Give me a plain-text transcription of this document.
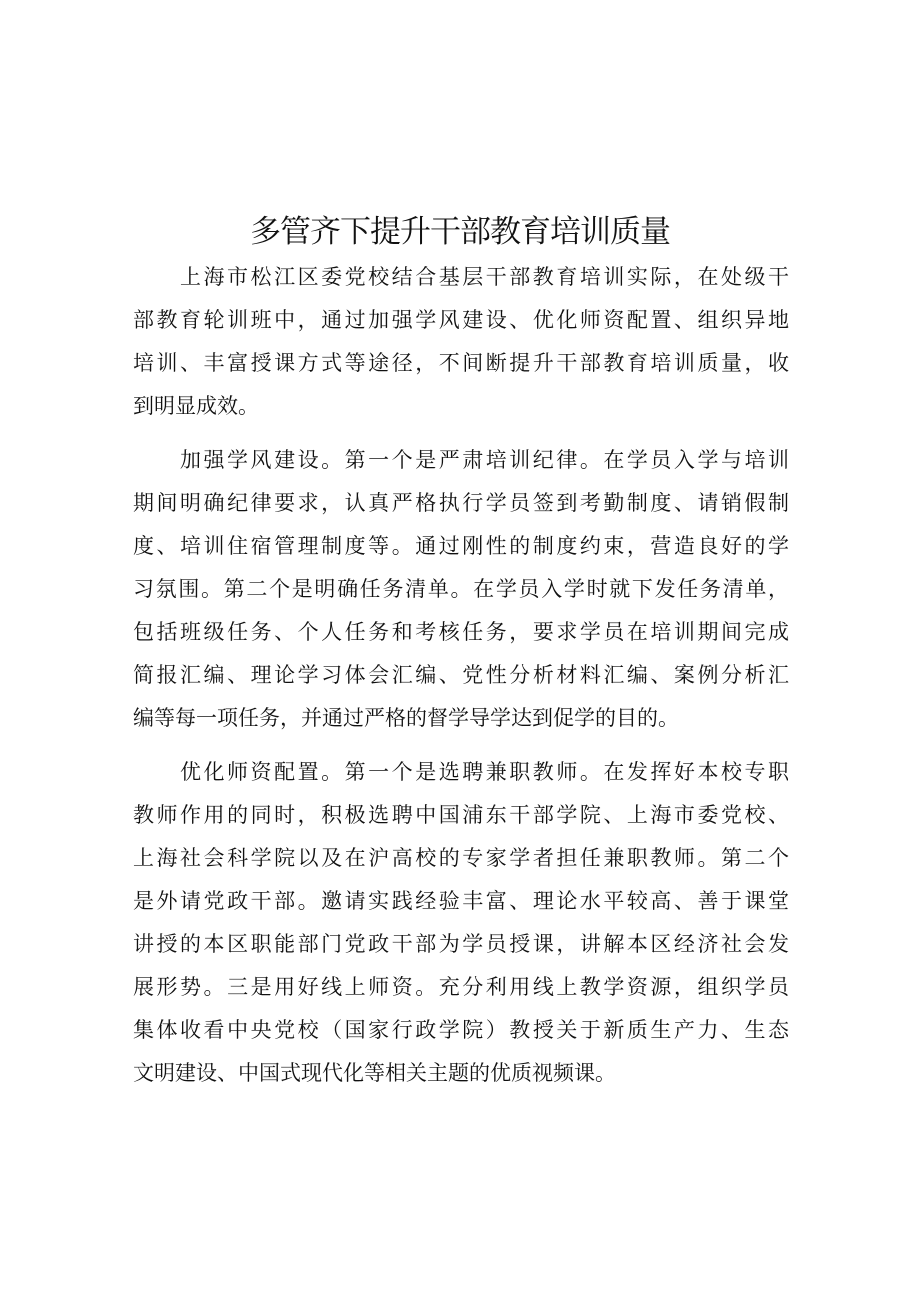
多管齐下提升干部教育培训质量
上海市松江区委党校结合基层干部教育培训实际，在处级干
部教育轮训班中，通过加强学风建设、优化师资配置、组织异地
培训、丰富授课方式等途径，不间断提升干部教育培训质量，收
到明显成效。
加强学风建设。第一个是严肃培训纪律。在学员入学与培训
期间明确纪律要求，认真严格执行学员签到考勤制度、请销假制
度、培训住宿管理制度等。通过刚性的制度约束，营造良好的学
习氛围。第二个是明确任务清单。在学员入学时就下发任务清单，
包括班级任务、个人任务和考核任务，要求学员在培训期间完成
简报汇编、理论学习体会汇编、党性分析材料汇编、案例分析汇
编等每一项任务，并通过严格的督学导学达到促学的目的。
优化师资配置。第一个是选聘兼职教师。在发挥好本校专职
教师作用的同时，积极选聘中国浦东干部学院、上海市委党校、
上海社会科学院以及在沪高校的专家学者担任兼职教师。第二个
是外请党政干部。邀请实践经验丰富、理论水平较高、善于课堂
讲授的本区职能部门党政干部为学员授课，讲解本区经济社会发
展形势。三是用好线上师资。充分利用线上教学资源，组织学员
集体收看中央党校（国家行政学院）教授关于新质生产力、生态
文明建设、中国式现代化等相关主题的优质视频课。
